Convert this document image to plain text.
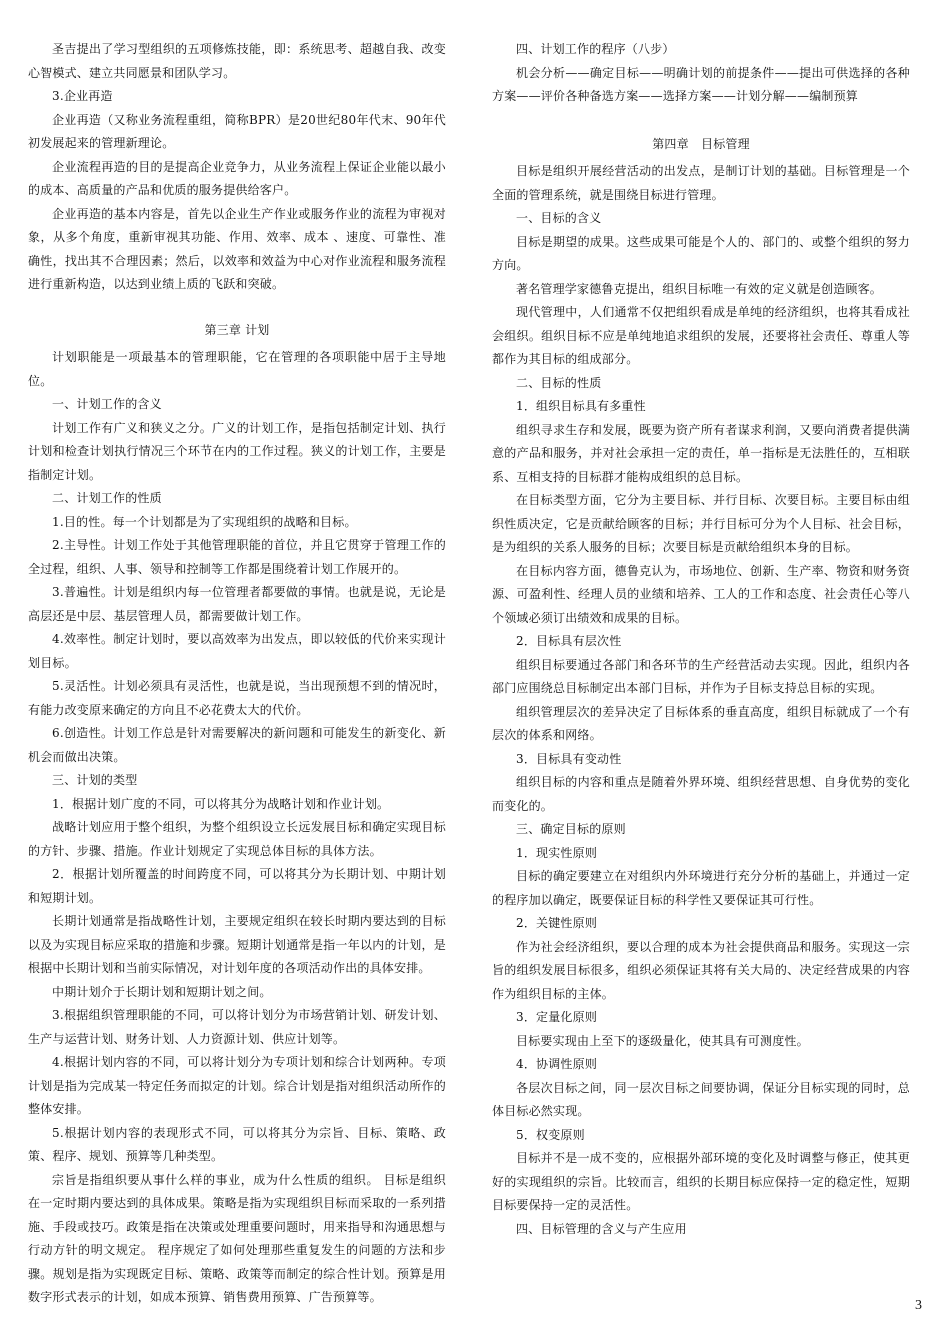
圣吉提出了学习型组织的五项修炼技能，即：系统思考、超越自我、改变心智模式、建立共同愿景和团队学习。

3.企业再造

企业再造（又称业务流程重组，简称BPR）是20世纪80年代末、90年代初发展起来的管理新理论。

企业流程再造的目的是提高企业竞争力，从业务流程上保证企业能以最小的成本、高质量的产品和优质的服务提供给客户。

企业再造的基本内容是，首先以企业生产作业或服务作业的流程为审视对象，从多个角度，重新审视其功能、作用、效率、成本 、速度、可靠性、准确性，找出其不合理因素；然后，以效率和效益为中心对作业流程和服务流程进行重新构造，以达到业绩上质的飞跃和突破。

第三章 计划

计划职能是一项最基本的管理职能，它在管理的各项职能中居于主导地位。

一、计划工作的含义

计划工作有广义和狭义之分。广义的计划工作，是指包括制定计划、执行计划和检查计划执行情况三个环节在内的工作过程。狭义的计划工作，主要是指制定计划。

二、计划工作的性质

1.目的性。每一个计划都是为了实现组织的战略和目标。

2.主导性。计划工作处于其他管理职能的首位，并且它贯穿于管理工作的全过程，组织、人事、领导和控制等工作都是围绕着计划工作展开的。

3.普遍性。计划是组织内每一位管理者都要做的事情。也就是说，无论是高层还是中层、基层管理人员，都需要做计划工作。

4.效率性。制定计划时，要以高效率为出发点，即以较低的代价来实现计划目标。

5.灵活性。计划必须具有灵活性，也就是说，当出现预想不到的情况时，有能力改变原来确定的方向且不必花费太大的代价。

6.创造性。计划工作总是针对需要解决的新问题和可能发生的新变化、新机会而做出决策。

三、计划的类型

1．根据计划广度的不同，可以将其分为战略计划和作业计划。

战略计划应用于整个组织，为整个组织设立长远发展目标和确定实现目标的方针、步骤、措施。作业计划规定了实现总体目标的具体方法。

2．根据计划所覆盖的时间跨度不同，可以将其分为长期计划、中期计划和短期计划。

长期计划通常是指战略性计划，主要规定组织在较长时期内要达到的目标以及为实现目标应采取的措施和步骤。短期计划通常是指一年以内的计划，是根据中长期计划和当前实际情况，对计划年度的各项活动作出的具体安排。

中期计划介于长期计划和短期计划之间。

3.根据组织管理职能的不同，可以将计划分为市场营销计划、研发计划、生产与运营计划、财务计划、人力资源计划、供应计划等。

4.根据计划内容的不同，可以将计划分为专项计划和综合计划两种。专项计划是指为完成某一特定任务而拟定的计划。综合计划是指对组织活动所作的整体安排。

5.根据计划内容的表现形式不同，可以将其分为宗旨、目标、策略、政策、程序、规划、预算等几种类型。

宗旨是指组织要从事什么样的事业，成为什么性质的组织。 目标是组织在一定时期内要达到的具体成果。策略是指为实现组织目标而采取的一系列措施、手段或技巧。政策是指在决策或处理重要问题时，用来指导和沟通思想与行动方针的明文规定。 程序规定了如何处理那些重复发生的问题的方法和步骤。规划是指为实现既定目标、策略、政策等而制定的综合性计划。预算是用数字形式表示的计划，如成本预算、销售费用预算、广告预算等。

四、计划工作的程序（八步）

机会分析——确定目标——明确计划的前提条件——提出可供选择的各种方案——评价各种备选方案——选择方案——计划分解——编制预算

第四章　目标管理

目标是组织开展经营活动的出发点，是制订计划的基础。目标管理是一个全面的管理系统，就是围绕目标进行管理。

一、目标的含义

目标是期望的成果。这些成果可能是个人的、部门的、或整个组织的努力方向。

著名管理学家德鲁克提出，组织目标唯一有效的定义就是创造顾客。

现代管理中，人们通常不仅把组织看成是单纯的经济组织，也将其看成社会组织。组织目标不应是单纯地追求组织的发展，还要将社会责任、尊重人等都作为其目标的组成部分。

二、目标的性质

1．组织目标具有多重性

组织寻求生存和发展，既要为资产所有者谋求利润，又要向消费者提供满意的产品和服务，并对社会承担一定的责任，单一指标是无法胜任的，互相联系、互相支持的目标群才能构成组织的总目标。

在目标类型方面，它分为主要目标、并行目标、次要目标。主要目标由组织性质决定，它是贡献给顾客的目标；并行目标可分为个人目标、社会目标，是为组织的关系人服务的目标；次要目标是贡献给组织本身的目标。

在目标内容方面，德鲁克认为，市场地位、创新、生产率、物资和财务资源、可盈利性、经理人员的业绩和培养、工人的工作和态度、社会责任心等八个领域必须订出绩效和成果的目标。

2．目标具有层次性

组织目标要通过各部门和各环节的生产经营活动去实现。因此，组织内各部门应围绕总目标制定出本部门目标，并作为子目标支持总目标的实现。

组织管理层次的差异决定了目标体系的垂直高度，组织目标就成了一个有层次的体系和网络。

3．目标具有变动性

组织目标的内容和重点是随着外界环境、组织经营思想、自身优势的变化而变化的。

三、确定目标的原则

1．现实性原则

目标的确定要建立在对组织内外环境进行充分分析的基础上，并通过一定的程序加以确定，既要保证目标的科学性又要保证其可行性。

2．关键性原则

作为社会经济组织，要以合理的成本为社会提供商品和服务。实现这一宗旨的组织发展目标很多，组织必须保证其将有关大局的、决定经营成果的内容作为组织目标的主体。

3．定量化原则

目标要实现由上至下的逐级量化，使其具有可测度性。

4．协调性原则

各层次目标之间，同一层次目标之间要协调，保证分目标实现的同时，总体目标必然实现。

5．权变原则

目标并不是一成不变的，应根据外部环境的变化及时调整与修正，使其更好的实现组织的宗旨。比较而言，组织的长期目标应保持一定的稳定性，短期目标要保持一定的灵活性。

四、目标管理的含义与产生应用

3
